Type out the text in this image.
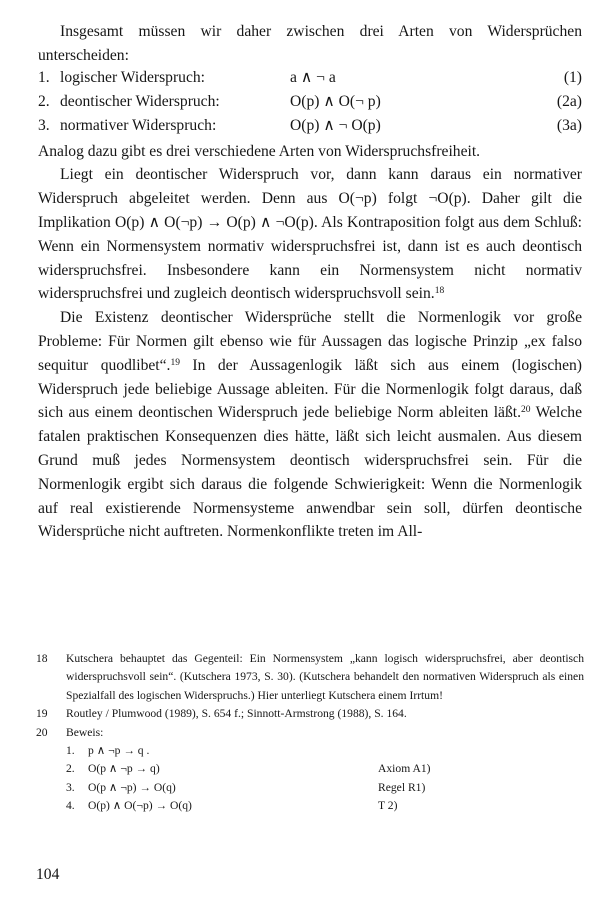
Insgesamt müssen wir daher zwischen drei Arten von Widersprüchen unterscheiden:

1. logischer Widerspruch:	a ∧ ¬ a	(1)
2. deontischer Widerspruch:	O(p) ∧ O(¬ p)	(2a)
3. normativer Widerspruch:	O(p) ∧ ¬ O(p)	(3a)

Analog dazu gibt es drei verschiedene Arten von Widerspruchsfreiheit.

Liegt ein deontischer Widerspruch vor, dann kann daraus ein normativer Widerspruch abgeleitet werden. Denn aus O(¬p) folgt ¬O(p). Daher gilt die Implikation O(p) ∧ O(¬p) → O(p) ∧ ¬O(p). Als Kontraposition folgt aus dem Schluß: Wenn ein Normensystem normativ widerspruchsfrei ist, dann ist es auch deontisch widerspruchsfrei. Insbesondere kann ein Normensystem nicht normativ widerspruchsfrei und zugleich deontisch widerspruchsvoll sein.$^{18}$

Die Existenz deontischer Widersprüche stellt die Normenlogik vor große Probleme: Für Normen gilt ebenso wie für Aussagen das logische Prinzip „ex falso sequitur quodlibet“.$^{19}$ In der Aussagenlogik läßt sich aus einem (logischen) Widerspruch jede beliebige Aussage ableiten. Für die Normenlogik folgt daraus, daß sich aus einem deontischen Widerspruch jede beliebige Norm ableiten läßt.$^{20}$ Welche fatalen praktischen Konsequenzen dies hätte, läßt sich leicht ausmalen. Aus diesem Grund muß jedes Normensystem deontisch widerspruchsfrei sein. Für die Normenlogik ergibt sich daraus die folgende Schwierigkeit: Wenn die Normenlogik auf real existierende Normensysteme anwendbar sein soll, dürfen deontische Widersprüche nicht auftreten. Normenkonflikte treten im All-

18	Kutschera behauptet das Gegenteil: Ein Normensystem „kann logisch widerspruchsfrei, aber deontisch widerspruchsvoll sein“. (Kutschera 1973, S. 30). (Kutschera behandelt den normativen Widerspruch als einen Spezialfall des logischen Widerspruchs.) Hier unterliegt Kutschera einem Irrtum!
19	Routley / Plumwood (1989), S. 654 f.; Sinnott-Armstrong (1988), S. 164.
20	Beweis:
1.	p ∧ ¬p → q .
2.	O(p ∧ ¬p → q)	Axiom A1)
3.	O(p ∧ ¬p) → O(q)	Regel R1)
4.	O(p) ∧ O(¬p) → O(q)	T 2)
104
